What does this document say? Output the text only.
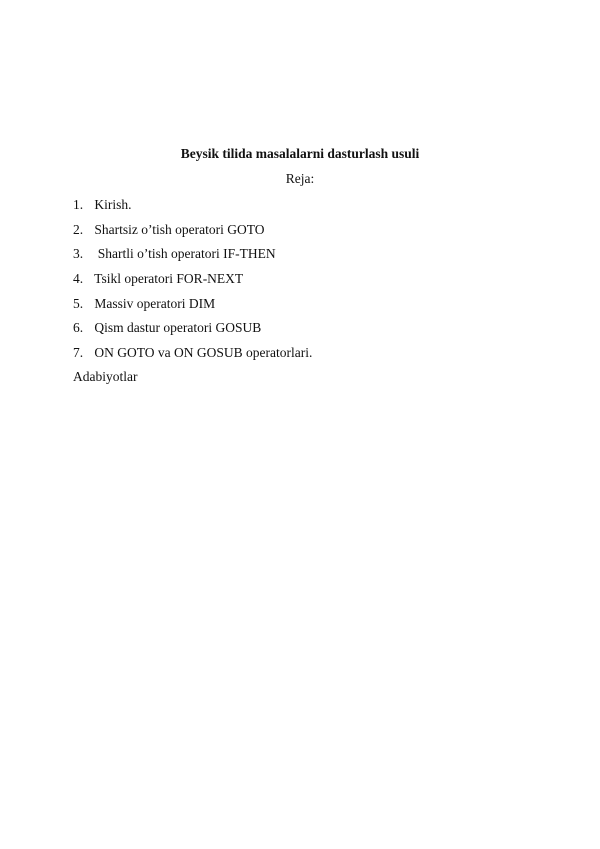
Beysik tilida masalalarni dasturlash usuli
Reja:
1. Kirish.
2. Shartsiz o’tish operatori GOTO
3.  Shartli o’tish operatori IF-THEN
4. Tsikl operatori FOR-NEXT
5. Massiv operatori DIM
6. Qism dastur operatori GOSUB
7. ON GOTO va ON GOSUB operatorlari.
Adabiyotlar
